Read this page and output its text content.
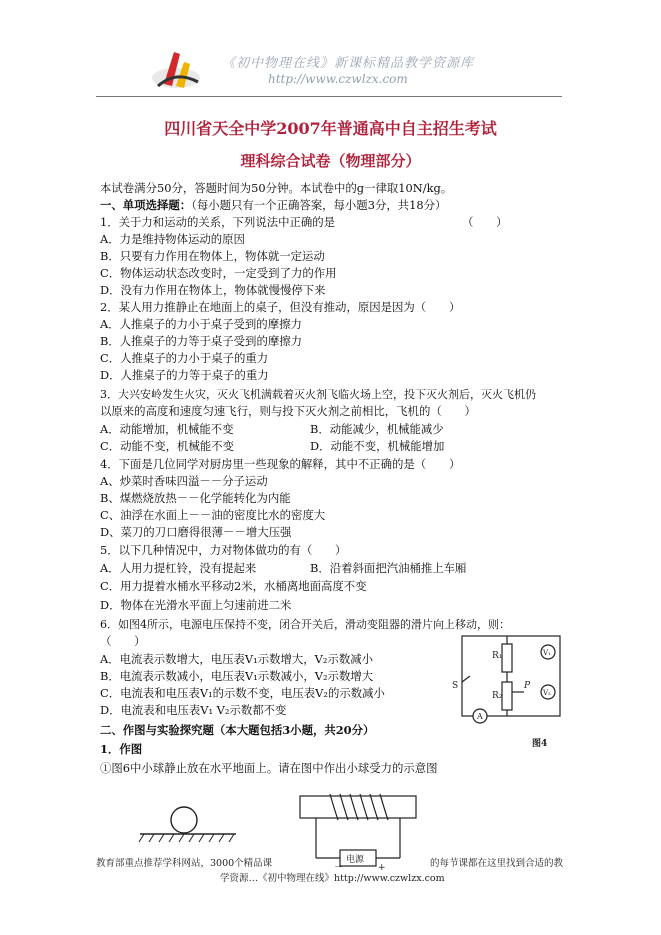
《初中物理在线》新课标精品教学资源库
http://www.czwlzx.com
四川省天全中学2007年普通高中自主招生考试
理科综合试卷（物理部分）
本试卷满分50分，答题时间为50分钟。本试卷中的g一律取10N/kg。
一、单项选择题：（每小题只有一个正确答案，每小题3分，共18分）
1．关于力和运动的关系，下列说法中正确的是	（　　）
A．力是维持物体运动的原因
B．只要有力作用在物体上，物体就一定运动
C．物体运动状态改变时，一定受到了力的作用
D．没有力作用在物体上，物体就慢慢停下来
2．某人用力推静止在地面上的桌子，但没有推动，原因是因为（　　）
A．人推桌子的力小于桌子受到的摩擦力
B．人推桌子的力等于桌子受到的摩擦力
C．人推桌子的力小于桌子的重力
D．人推桌子的力等于桌子的重力
3．大兴安岭发生火灾，灭火飞机满载着灭火剂飞临火场上空，投下灭火剂后，灭火飞机仍
以原来的高度和速度匀速飞行，则与投下灭火剂之前相比，飞机的（　　）
A．动能增加，机械能不变	B．动能减少，机械能减少
C．动能不变，机械能不变	D．动能不变，机械能增加
4．下面是几位同学对厨房里一些现象的解释，其中不正确的是（　　）
A、炒菜时香味四溢－－分子运动
B、煤燃烧放热－－化学能转化为内能
C、油浮在水面上－－油的密度比水的密度大
D、菜刀的刀口磨得很薄－－增大压强
5．以下几种情况中，力对物体做功的有（　　）
A．人用力提杠铃，没有提起来	B．沿着斜面把汽油桶推上车厢
C．用力提着水桶水平移动2米，水桶离地面高度不变
D．物体在光滑水平面上匀速前进二米
6．如图4所示，电源电压保持不变，闭合开关后，滑动变阻器的滑片向上移动，则：
（　　）
A．电流表示数增大，电压表V₁示数增大，V₂示数减小
B．电流表示数减小，电压表V₁示数减小，V₂示数增大
C．电流表和电压表V₁的示数不变，电压表V₂的示数减小
D．电流表和电压表V₁ V₂示数都不变
R₁
R₂
P
S
V₁
V₂
A
图4
二、作图与实验探究题（本大题包括3小题，共20分）
1．作图
①图6中小球静止放在水平地面上。请在图中作出小球受力的示意图
电源
－	+
教育部重点推荐学科网站，3000个精品课	的每节课都在这里找到合适的教
学资源…《初中物理在线》http://www.czwlzx.com
